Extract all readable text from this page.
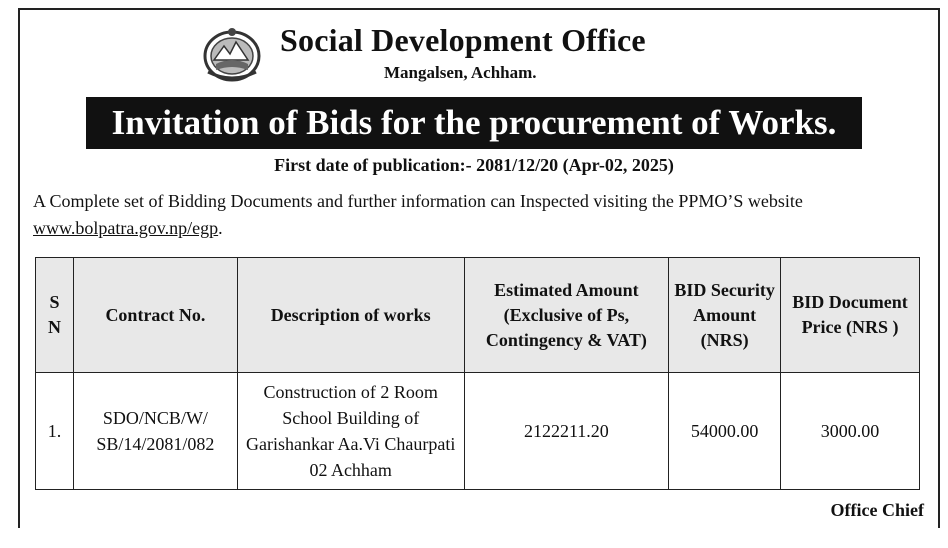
Social Development Office
Mangalsen, Achham.
Invitation of Bids for the procurement of Works.
First date of publication:- 2081/12/20 (Apr-02, 2025)
A Complete set of Bidding Documents and further information can Inspected visiting the PPMO’S website www.bolpatra.gov.np/egp.
S N	Contract No.	Description of works	Estimated Amount (Exclusive of Ps, Contingency & VAT)	BID Security Amount (NRS)	BID Document Price (NRS )
1.	SDO/NCB/W/ SB/14/2081/082	Construction of 2 Room School Building of Garishankar Aa.Vi Chaurpati 02 Achham	2122211.20	54000.00	3000.00
Office Chief
